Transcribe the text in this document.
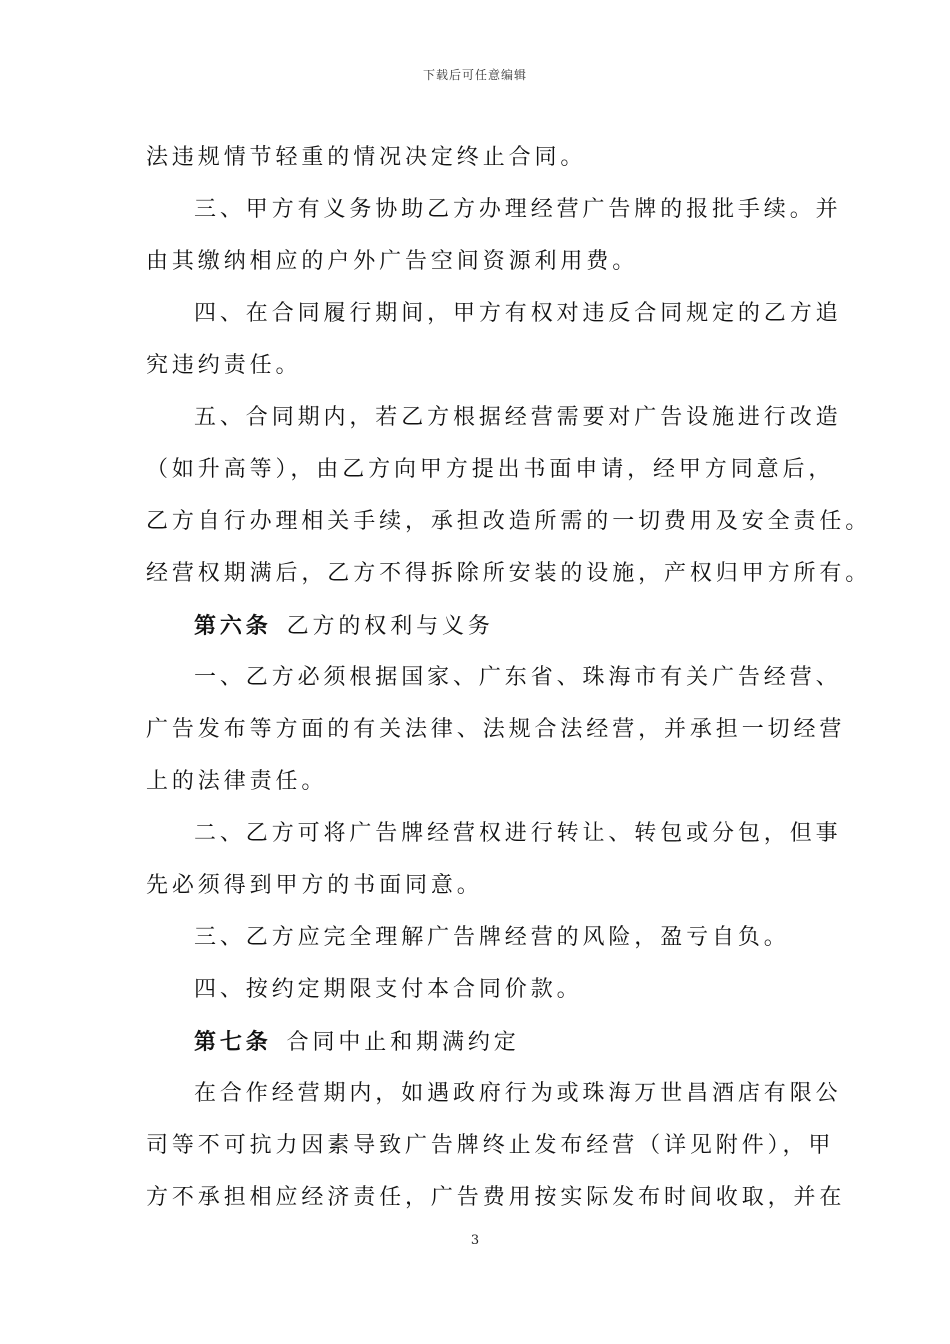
下载后可任意编辑
法违规情节轻重的情况决定终止合同。
三、甲方有义务协助乙方办理经营广告牌的报批手续。并
由其缴纳相应的户外广告空间资源利用费。
四、在合同履行期间，甲方有权对违反合同规定的乙方追
究违约责任。
五、合同期内，若乙方根据经营需要对广告设施进行改造
（如升高等），由乙方向甲方提出书面申请，经甲方同意后，
乙方自行办理相关手续，承担改造所需的一切费用及安全责任。
经营权期满后，乙方不得拆除所安装的设施，产权归甲方所有。
第六条  乙方的权利与义务
一、乙方必须根据国家、广东省、珠海市有关广告经营、
广告发布等方面的有关法律、法规合法经营，并承担一切经营
上的法律责任。
二、乙方可将广告牌经营权进行转让、转包或分包，但事
先必须得到甲方的书面同意。
三、乙方应完全理解广告牌经营的风险，盈亏自负。
四、按约定期限支付本合同价款。
第七条  合同中止和期满约定
在合作经营期内，如遇政府行为或珠海万世昌酒店有限公
司等不可抗力因素导致广告牌终止发布经营（详见附件），甲
方不承担相应经济责任，广告费用按实际发布时间收取，并在
3
